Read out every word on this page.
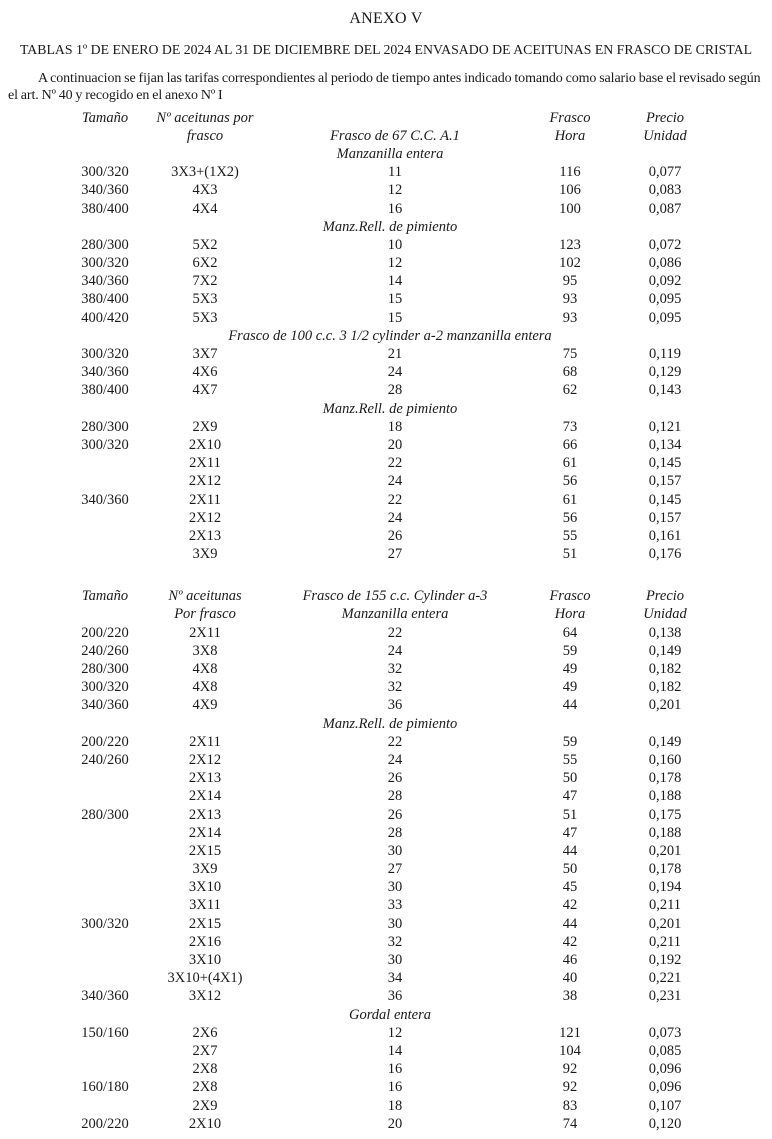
ANEXO V
TABLAS 1º DE ENERO DE 2024 AL 31 DE DICIEMBRE DEL 2024 ENVASADO DE ACEITUNAS EN FRASCO DE CRISTAL
A continuacion se fijan las tarifas correspondientes al periodo de tiempo antes indicado tomando como salario base el revisado según el art. Nº 40 y recogido en el anexo Nº I
Tamaño	Nº aceitunas por		Frasco	Precio
	frasco	Frasco de 67 C.C. A.1	Hora	Unidad
Manzanilla entera				
300/320	3X3+(1X2)	11	116	0,077
340/360	4X3	12	106	0,083
380/400	4X4	16	100	0,087
Manz.Rell. de pimiento				
280/300	5X2	10	123	0,072
300/320	6X2	12	102	0,086
340/360	7X2	14	95	0,092
380/400	5X3	15	93	0,095
400/420	5X3	15	93	0,095
Frasco de 100 c.c. 3 1/2 cylinder a-2 manzanilla entera				
300/320	3X7	21	75	0,119
340/360	4X6	24	68	0,129
380/400	4X7	28	62	0,143
Manz.Rell. de pimiento				
280/300	2X9	18	73	0,121
300/320	2X10	20	66	0,134
	2X11	22	61	0,145
	2X12	24	56	0,157
340/360	2X11	22	61	0,145
	2X12	24	56	0,157
	2X13	26	55	0,161
	3X9	27	51	0,176
Tamaño	Nº aceitunas	Frasco de 155 c.c. Cylinder a-3	Frasco	Precio
	Por frasco	Manzanilla entera	Hora	Unidad
200/220	2X11	22	64	0,138
240/260	3X8	24	59	0,149
280/300	4X8	32	49	0,182
300/320	4X8	32	49	0,182
340/360	4X9	36	44	0,201
Manz.Rell. de pimiento				
200/220	2X11	22	59	0,149
240/260	2X12	24	55	0,160
	2X13	26	50	0,178
	2X14	28	47	0,188
280/300	2X13	26	51	0,175
	2X14	28	47	0,188
	2X15	30	44	0,201
	3X9	27	50	0,178
	3X10	30	45	0,194
	3X11	33	42	0,211
300/320	2X15	30	44	0,201
	2X16	32	42	0,211
	3X10	30	46	0,192
	3X10+(4X1)	34	40	0,221
340/360	3X12	36	38	0,231
Gordal entera				
150/160	2X6	12	121	0,073
	2X7	14	104	0,085
	2X8	16	92	0,096
160/180	2X8	16	92	0,096
	2X9	18	83	0,107
200/220	2X10	20	74	0,120
